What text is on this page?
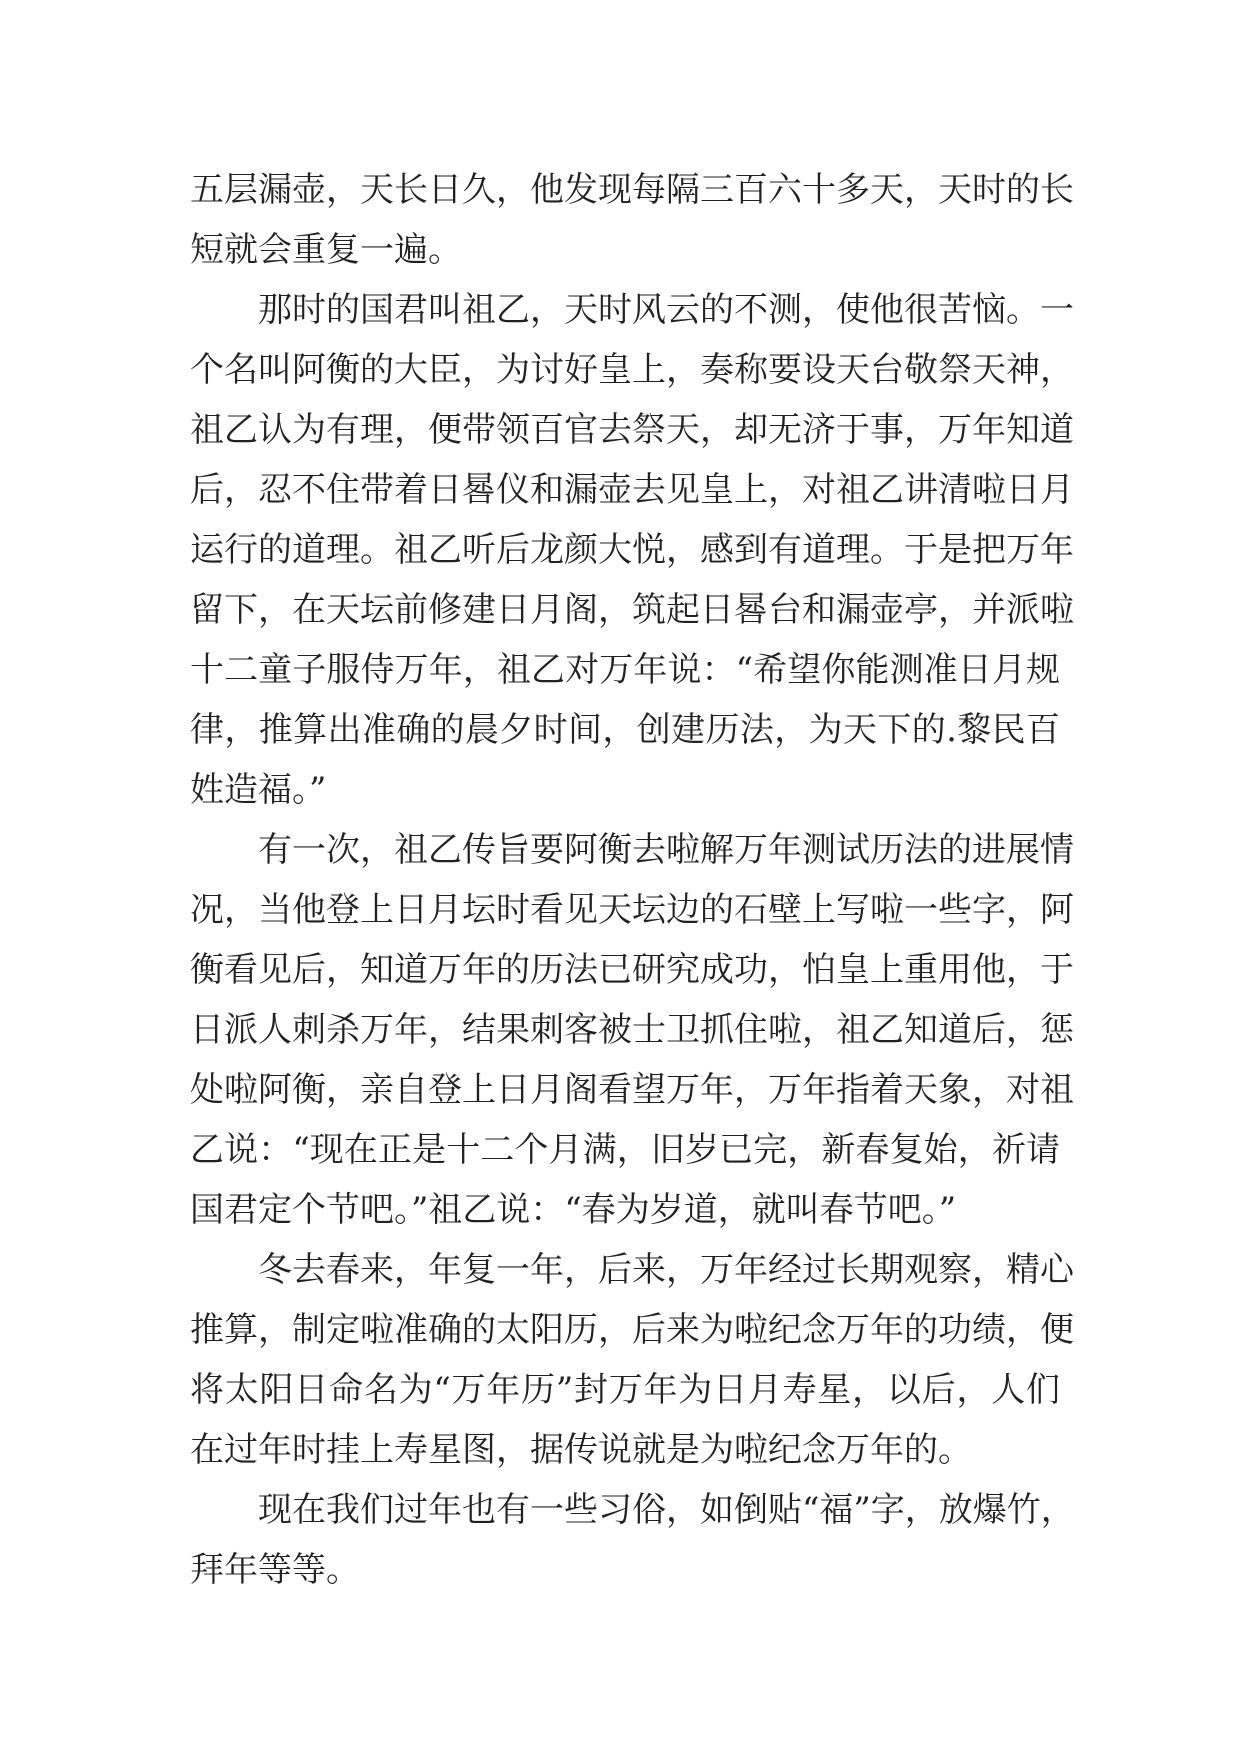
五层漏壶，天长日久，他发现每隔三百六十多天，天时的长
短就会重复一遍。
那时的国君叫祖乙，天时风云的不测，使他很苦恼。一
个名叫阿衡的大臣，为讨好皇上，奏称要设天台敬祭天神，
祖乙认为有理，便带领百官去祭天，却无济于事，万年知道
后，忍不住带着日晷仪和漏壶去见皇上，对祖乙讲清啦日月
运行的道理。祖乙听后龙颜大悦，感到有道理。于是把万年
留下，在天坛前修建日月阁，筑起日晷台和漏壶亭，并派啦
十二童子服侍万年，祖乙对万年说：“希望你能测准日月规
律，推算出准确的晨夕时间，创建历法，为天下的.黎民百
姓造福。”
有一次，祖乙传旨要阿衡去啦解万年测试历法的进展情
况，当他登上日月坛时看见天坛边的石壁上写啦一些字，阿
衡看见后，知道万年的历法已研究成功，怕皇上重用他，于
日派人刺杀万年，结果刺客被士卫抓住啦，祖乙知道后，惩
处啦阿衡，亲自登上日月阁看望万年，万年指着天象，对祖
乙说：“现在正是十二个月满，旧岁已完，新春复始，祈请
国君定个节吧。”祖乙说：“春为岁道，就叫春节吧。”
冬去春来，年复一年，后来，万年经过长期观察，精心
推算，制定啦准确的太阳历，后来为啦纪念万年的功绩，便
将太阳日命名为“万年历”封万年为日月寿星，以后，人们
在过年时挂上寿星图，据传说就是为啦纪念万年的。
现在我们过年也有一些习俗，如倒贴“福”字，放爆竹，
拜年等等。
